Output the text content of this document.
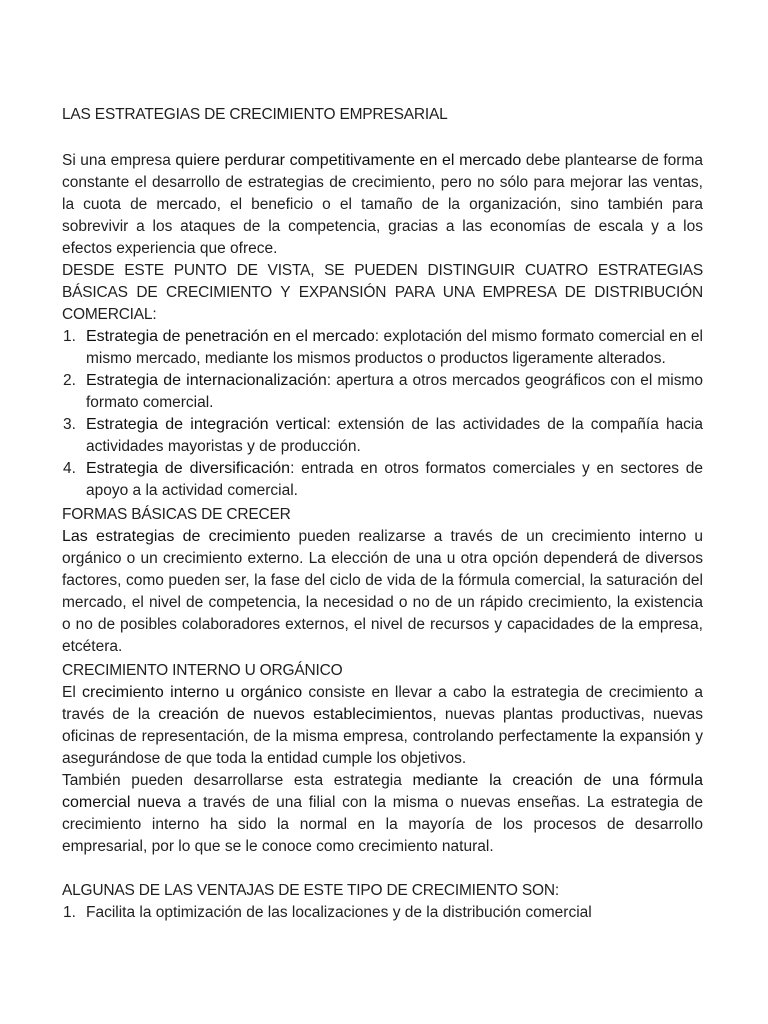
LAS ESTRATEGIAS DE CRECIMIENTO EMPRESARIAL

Si una empresa quiere perdurar competitivamente en el mercado debe plantearse de forma constante el desarrollo de estrategias de crecimiento, pero no sólo para mejorar las ventas, la cuota de mercado, el beneficio o el tamaño de la organización, sino también para sobrevivir a los ataques de la competencia, gracias a las economías de escala y a los efectos experiencia que ofrece.

DESDE ESTE PUNTO DE VISTA, SE PUEDEN DISTINGUIR CUATRO ESTRATEGIAS BÁSICAS DE CRECIMIENTO Y EXPANSIÓN PARA UNA EMPRESA DE DISTRIBUCIÓN COMERCIAL:

1. Estrategia de penetración en el mercado: explotación del mismo formato comercial en el mismo mercado, mediante los mismos productos o productos ligeramente alterados.
2. Estrategia de internacionalización: apertura a otros mercados geográficos con el mismo formato comercial.
3. Estrategia de integración vertical: extensión de las actividades de la compañía hacia actividades mayoristas y de producción.
4. Estrategia de diversificación: entrada en otros formatos comerciales y en sectores de apoyo a la actividad comercial.
FORMAS BÁSICAS DE CRECER

Las estrategias de crecimiento pueden realizarse a través de un crecimiento interno u orgánico o un crecimiento externo. La elección de una u otra opción dependerá de diversos factores, como pueden ser, la fase del ciclo de vida de la fórmula comercial, la saturación del mercado, el nivel de competencia, la necesidad o no de un rápido crecimiento, la existencia o no de posibles colaboradores externos, el nivel de recursos y capacidades de la empresa, etcétera.

CRECIMIENTO INTERNO U ORGÁNICO

El crecimiento interno u orgánico consiste en llevar a cabo la estrategia de crecimiento a través de la creación de nuevos establecimientos, nuevas plantas productivas, nuevas oficinas de representación, de la misma empresa, controlando perfectamente la expansión y asegurándose de que toda la entidad cumple los objetivos.

También pueden desarrollarse esta estrategia mediante la creación de una fórmula comercial nueva a través de una filial con la misma o nuevas enseñas. La estrategia de crecimiento interno ha sido la normal en la mayoría de los procesos de desarrollo empresarial, por lo que se le conoce como crecimiento natural.

ALGUNAS DE LAS VENTAJAS DE ESTE TIPO DE CRECIMIENTO SON:

1. Facilita la optimización de las localizaciones y de la distribución comercial
